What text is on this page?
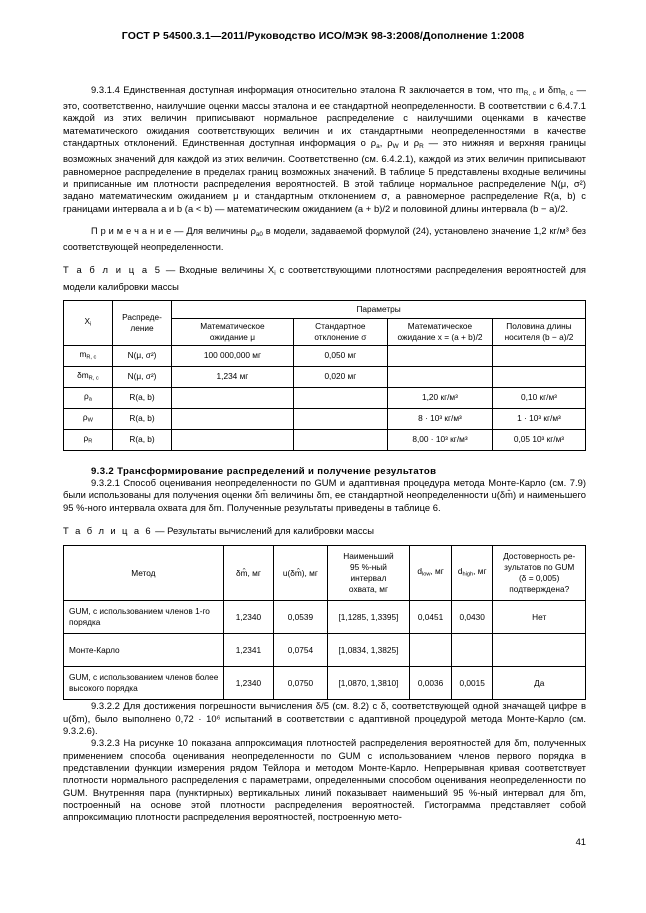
ГОСТ Р 54500.3.1—2011/Руководство ИСО/МЭК 98-3:2008/Дополнение 1:2008

9.3.1.4 Единственная доступная информация относительно эталона R заключается в том, что $m_{R, с}$ и $\delta m_{R, с}$ — это, соответственно, наилучшие оценки массы эталона и ее стандартной неопределенности. В соответствии с 6.4.7.1 каждой из этих величин приписывают нормальное распределение с наилучшими оценками в качестве математического ожидания соответствующих величин и их стандартными неопределенностями в качестве стандартных отклонений. Единственная доступная информация о $\rho_a$, $\rho_W$ и $\rho_R$ — это нижняя и верхняя границы возможных значений для каждой из этих величин. Соответственно (см. 6.4.2.1), каждой из этих величин приписывают равномерное распределение в пределах границ возможных значений. В таблице 5 представлены входные величины и приписанные им плотности распределения вероятностей. В этой таблице нормальное распределение N(μ, σ²) задано математическим ожиданием μ и стандартным отклонением σ, а равномерное распределение R(a, b) с границами интервала a и b (a < b) — математическим ожиданием (a + b)/2 и половиной длины интервала (b − a)/2.

П р и м е ч а н и е — Для величины $\rho_{a0}$ в модели, задаваемой формулой (24), установлено значение 1,2 кг/м³ без соответствующей неопределенности.
Т а б л и ц а 5 — Входные величины $X_i$ с соответствующими плотностями распределения вероятностей для модели калибровки массы
$X_i$	Распреде-
ление	Параметры			
		Математическое
ожидание μ	Стандартное
отклонение σ	Математическое
ожидание x = (a + b)/2	Половина длины
носителя (b − a)/2
$m_{R, c}$	N(μ, σ²)	100 000,000 мг	0,050 мг		
$\delta m_{R, c}$	N(μ, σ²)	1,234 мг	0,020 мг		
$\rho_a$	R(a, b)			1,20 кг/м³	0,10 кг/м³
$\rho_W$	R(a, b)			8 · 10³ кг/м³	1 · 10³ кг/м³
$\rho_R$	R(a, b)			8,00 · 10³ кг/м³	0,05 10³ кг/м³
9.3.2 Трансформирование распределений и получение результатов

9.3.2.1 Способ оценивания неопределенности по GUM и адаптивная процедура метода Монте-Карло (см. 7.9) были использованы для получения оценки δm̂ величины δm, ее стандартной неопределенности u(δm̂) и наименьшего 95 %-ного интервала охвата для δm. Полученные результаты приведены в таблице 6.

Т а б л и ц а 6 — Результаты вычислений для калибровки массы
Метод	δm̂, мг	u(δm̂), мг	Наименьший
95 %-ный
интервал
охвата, мг	$d_{low}$, мг	$d_{high}$, мг	Достоверность ре-
зультатов по GUM
(δ = 0,005)
подтверждена?
GUM, с использованием членов 1-го порядка	1,2340	0,0539	[1,1285, 1,3395]	0,0451	0,0430	Нет
Монте-Карло	1,2341	0,0754	[1,0834, 1,3825]			
GUM, с использованием членов более высокого порядка	1,2340	0,0750	[1,0870, 1,3810]	0,0036	0,0015	Да

9.3.2.2 Для достижения погрешности вычисления δ/5 (см. 8.2) с δ, соответствующей одной значащей цифре в u(δm), было выполнено 0,72 · 10⁶ испытаний в соответствии с адаптивной процедурой метода Монте-Карло (см. 9.3.2.6).

9.3.2.3 На рисунке 10 показана аппроксимация плотностей распределения вероятностей для δm, полученных применением способа оценивания неопределенности по GUM с использованием членов первого порядка в представлении функции измерения рядом Тейлора и методом Монте-Карло. Непрерывная кривая соответствует плотности нормального распределения с параметрами, определенными способом оценивания неопределенности по GUM. Внутренняя пара (пунктирных) вертикальных линий показывает наименьший 95 %-ный интервал для δm, построенный на основе этой плотности распределения вероятностей. Гистограмма представляет собой аппроксимацию плотности распределения вероятностей, построенную мето-

41
